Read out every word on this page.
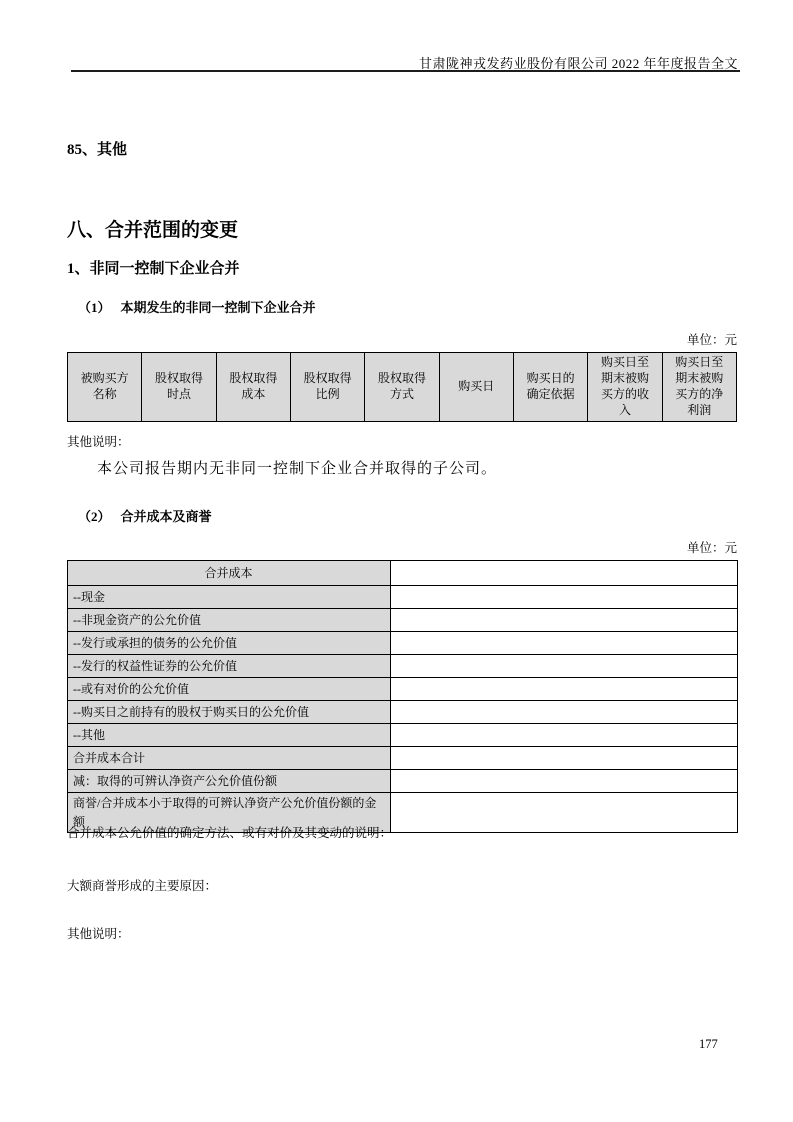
甘肃陇神戎发药业股份有限公司 2022 年年度报告全文
85、其他
八、合并范围的变更
1、非同一控制下企业合并
（1） 本期发生的非同一控制下企业合并
单位：元
被购买方名称	股权取得时点	股权取得成本	股权取得比例	股权取得方式	购买日	购买日的确定依据	购买日至期末被购买方的收入	购买日至期末被购买方的净利润
其他说明：
本公司报告期内无非同一控制下企业合并取得的子公司。
（2） 合并成本及商誉
单位：元
合并成本	
--现金	
--非现金资产的公允价值	
--发行或承担的债务的公允价值	
--发行的权益性证券的公允价值	
--或有对价的公允价值	
--购买日之前持有的股权于购买日的公允价值	
--其他	
合并成本合计	
减：取得的可辨认净资产公允价值份额	
商誉/合并成本小于取得的可辨认净资产公允价值份额的金额	
合并成本公允价值的确定方法、或有对价及其变动的说明：
大额商誉形成的主要原因：
其他说明：
177
